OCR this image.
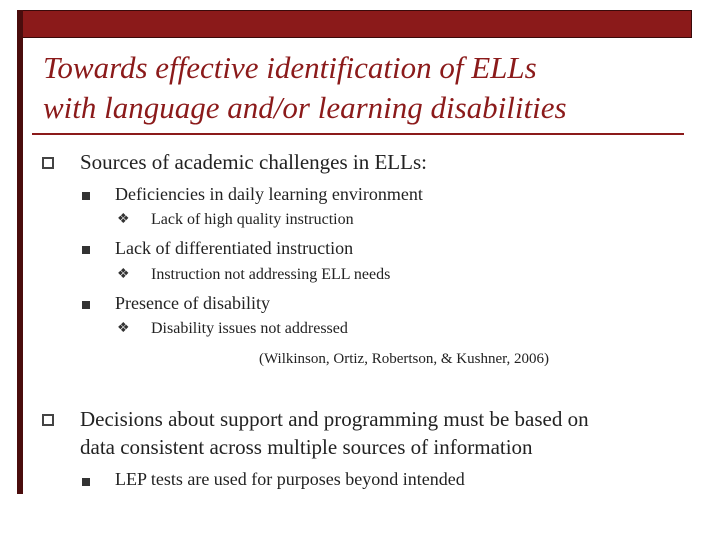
Towards effective identification of ELLs
with language and/or learning disabilities
Sources of academic challenges in ELLs:
Deficiencies in daily learning environment
❖ Lack of high quality instruction
Lack of differentiated instruction
❖ Instruction not addressing ELL needs
Presence of disability
❖ Disability issues not addressed
(Wilkinson, Ortiz, Robertson, & Kushner, 2006)
Decisions about support and programming must be based on
data consistent across multiple sources of information
LEP tests are used for purposes beyond intended
